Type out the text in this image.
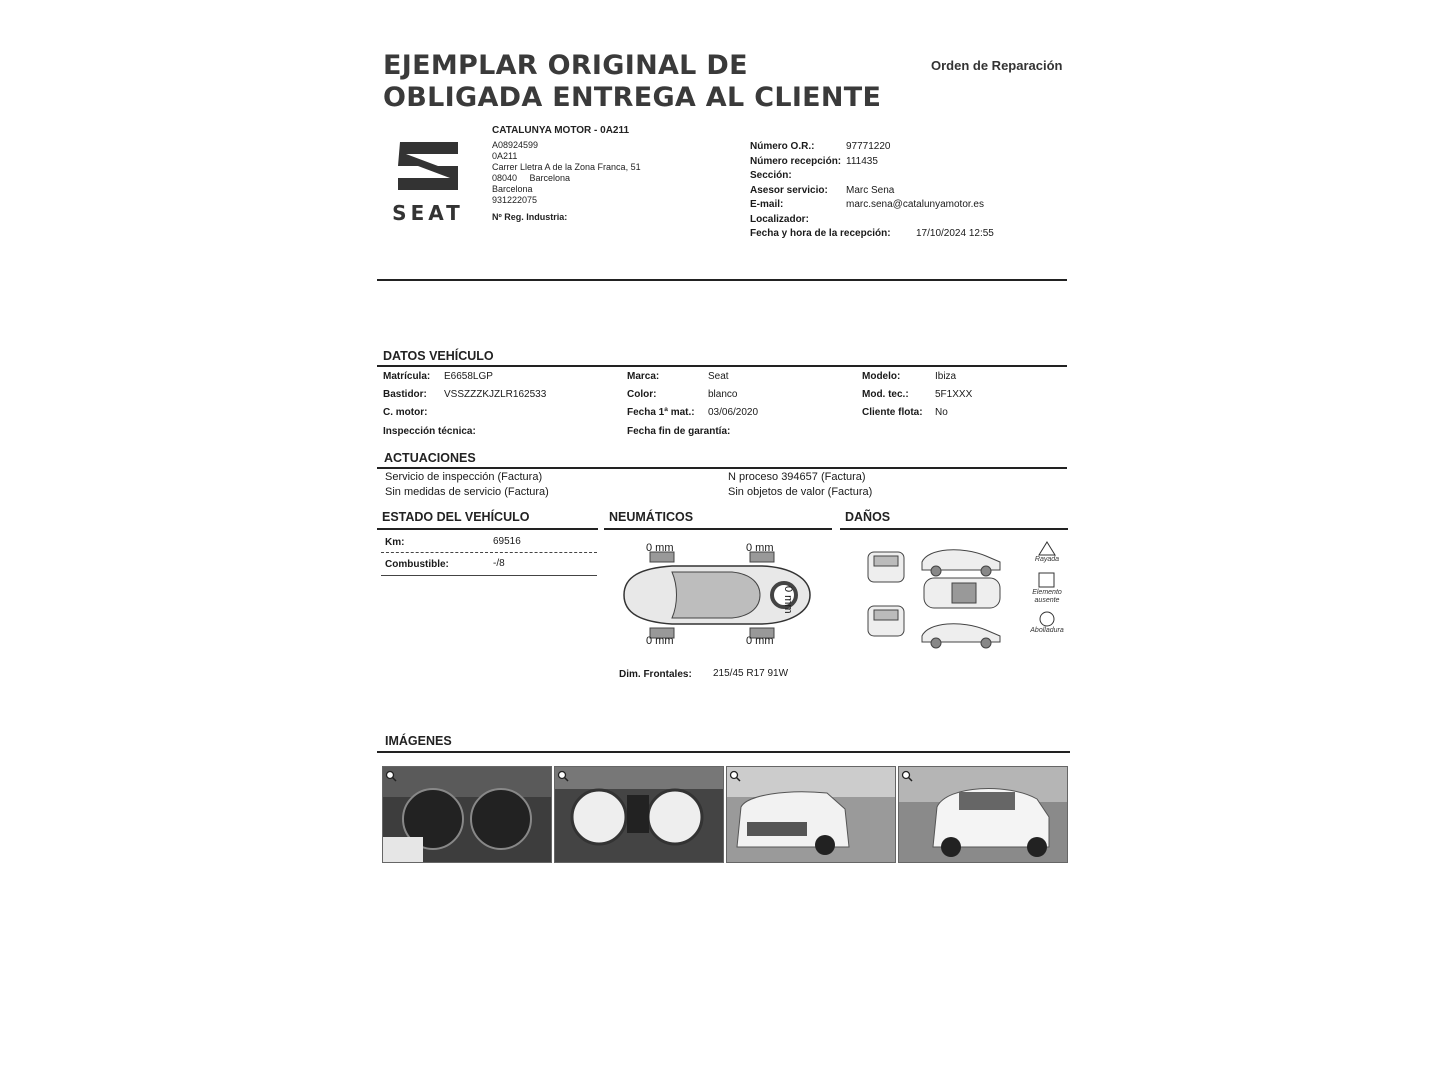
EJEMPLAR ORIGINAL DE
OBLIGADA ENTREGA AL CLIENTE
Orden de Reparación
SEAT
CATALUNYA MOTOR - 0A211
A08924599
0A211
Carrer Lletra A de la Zona Franca, 51
08040     Barcelona
Barcelona
931222075
Nº Reg. Industria:
Número O.R.:	97771220
Número recepción: 111435
Sección:
Asesor servicio: Marc Sena
E-mail:	marc.sena@catalunyamotor.es
Localizador:
Fecha y hora de la recepción:	17/10/2024 12:55
DATOS VEHÍCULO
Matrícula: E6658LGP	Marca:	Seat	Modelo:	Ibiza
Bastidor: VSSZZZKJZLR162533	Color:	blanco	Mod. tec.:	5F1XXX
C. motor:	Fecha 1ª mat.: 03/06/2020	Cliente flota: No
Inspección técnica:	Fecha fin de garantía:
ACTUACIONES
Servicio de inspección (Factura)	N proceso 394657 (Factura)
Sin medidas de servicio (Factura)	Sin objetos de valor (Factura)
ESTADO DEL VEHÍCULO
Km:	69516
Combustible:	-/8
NEUMÁTICOS
0 mm	0 mm
0 mm	0 mm
0 mm
Dim. Frontales: 215/45 R17 91W
DAÑOS
Rayada
Elemento ausente
Abolladura
IMÁGENES
